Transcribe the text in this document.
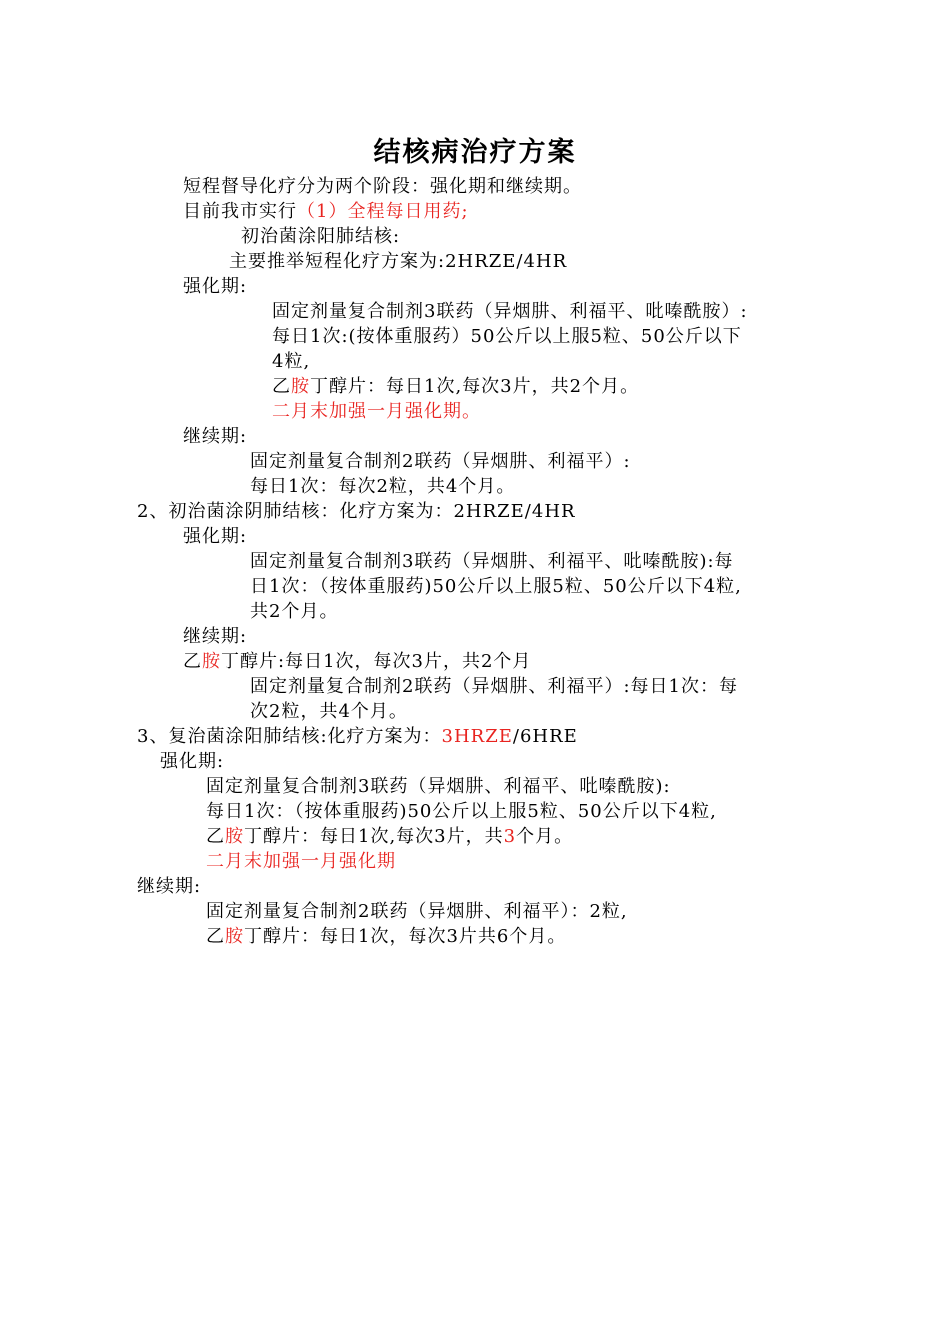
结核病治疗方案
短程督导化疗分为两个阶段：强化期和继续期。
目前我市实行（1）全程每日用药;
初治菌涂阳肺结核:
主要推举短程化疗方案为:2HRZE/4HR
强化期:
固定剂量复合制剂3联药（异烟肼、利福平、吡嗪酰胺）:
每日1次:(按体重服药）50公斤以上服5粒、50公斤以下
4粒,
乙胺丁醇片：每日1次,每次3片，共2个月。
二月末加强一月强化期。
继续期:
固定剂量复合制剂2联药（异烟肼、利福平）:
每日1次：每次2粒，共4个月。
2、初治菌涂阴肺结核：化疗方案为：2HRZE/4HR
强化期:
固定剂量复合制剂3联药（异烟肼、利福平、吡嗪酰胺):每
日1次：（按体重服药)50公斤以上服5粒、50公斤以下4粒,
共2个月。
继续期:
乙胺丁醇片:每日1次，每次3片，共2个月
固定剂量复合制剂2联药（异烟肼、利福平）:每日1次：每
次2粒，共4个月。
3、复治菌涂阳肺结核:化疗方案为：3HRZE/6HRE
强化期:
固定剂量复合制剂3联药（异烟肼、利福平、吡嗪酰胺):
每日1次：（按体重服药)50公斤以上服5粒、50公斤以下4粒,
乙胺丁醇片：每日1次,每次3片，共3个月。
二月末加强一月强化期
继续期:
固定剂量复合制剂2联药（异烟肼、利福平）：2粒,
乙胺丁醇片：每日1次，每次3片共6个月。
